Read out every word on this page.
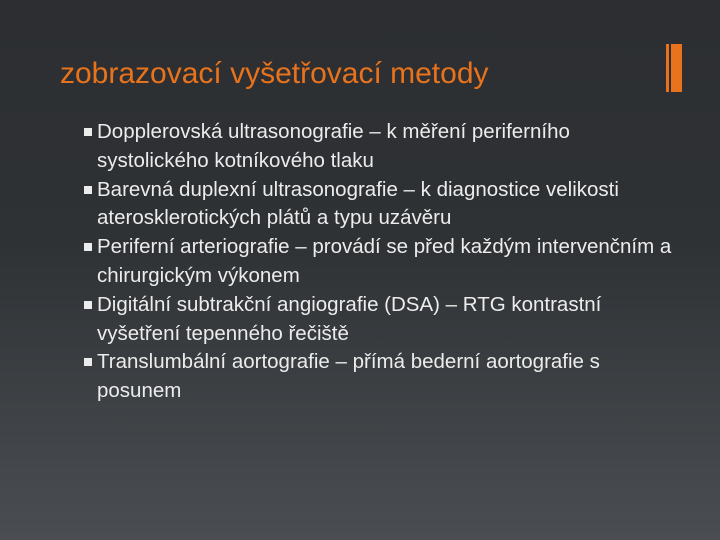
zobrazovací vyšetřovací metody
Dopplerovská ultrasonografie – k měření periferního systolického kotníkového tlaku
Barevná duplexní ultrasonografie – k diagnostice velikosti aterosklerotických plátů a typu uzávěru
Periferní arteriografie – provádí se před každým intervenčním a chirurgickým výkonem
Digitální subtrakční angiografie (DSA) – RTG kontrastní vyšetření tepenného řečiště
Translumbální aortografie – přímá bederní aortografie s posunem
